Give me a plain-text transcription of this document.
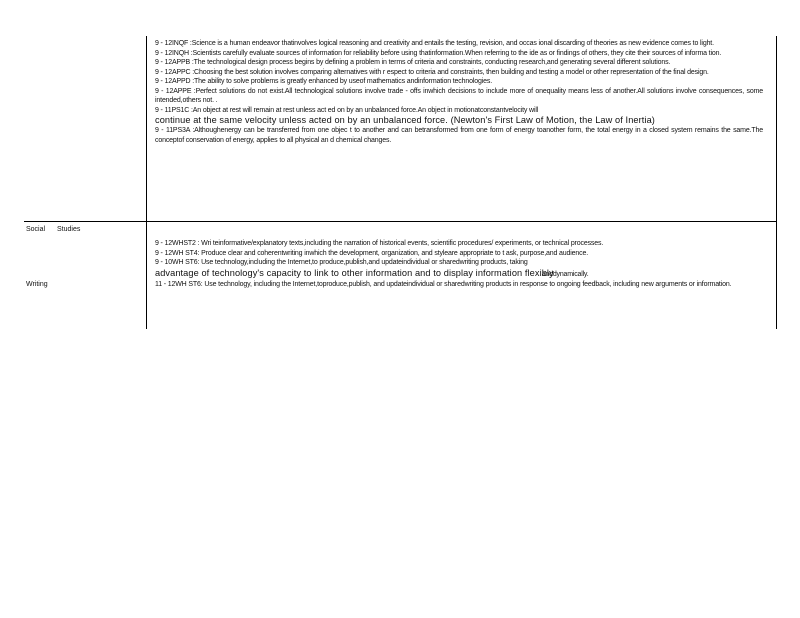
Social Studies
Writing

9 - 12INQF :Science is a human endeavor thatinvolves logical reasoning and creativity and entails the testing, revision, and occas ional discarding of theories as new evidence comes to light.

9 - 12INQH :Scientists carefully evaluate sources of information for reliability before using thatinformation.When referring to the ide as or findings of others, they cite their sources of informa tion.

9 - 12APPB :The technological design process begins by defining a problem in terms of criteria and constraints, conducting research,and generating several different solutions.

9 - 12APPC :Choosing the best solution involves comparing alternatives with r espect to criteria and constraints, then building and testing a model or other representation of the final design.

9 - 12APPD :The ability to solve problems is greatly enhanced by useof mathematics andinformation technologies.

9 - 12APPE :Perfect solutions do not exist.All technological solutions involve trade - offs inwhich decisions to include more of onequality means less of another.All solutions involve consequences, some intended,others not. .

9 - 11PS1C :An object at rest will remain at rest unless act ed on by an unbalanced force.An object in motionatconstantvelocity will

continue at the same velocity unless acted on by an unbalanced force. (Newton's First Law of Motion, the Law of Inertia)

9 - 11PS3A :Althoughenergy can be transferred from one objec t to another and can betransformed from one form of energy toanother form, the total energy in a closed system remains the same.The conceptof conservation of energy, applies to all physical an d chemical changes.

9 - 12WHST2 : Wri teinformative/explanatory texts,including the narration of historical events, scientific procedures/ experiments, or technical processes.

9 - 12WH ST4: Produce clear and coherentwriting inwhich the development, organization, and styleare appropriate to t ask, purpose,and audience.

9 - 10WH ST6: Use technology,including the Internet,to produce,publish,and updateindividual or sharedwriting products, taking

advantage of technology's capacity to link to other information and to display information flexiblyanddynamically.

11 - 12WH ST6: Use technology, including the Internet,toproduce,publish, and updateindividual or sharedwriting products in response to ongoing feedback, including new arguments or information.
